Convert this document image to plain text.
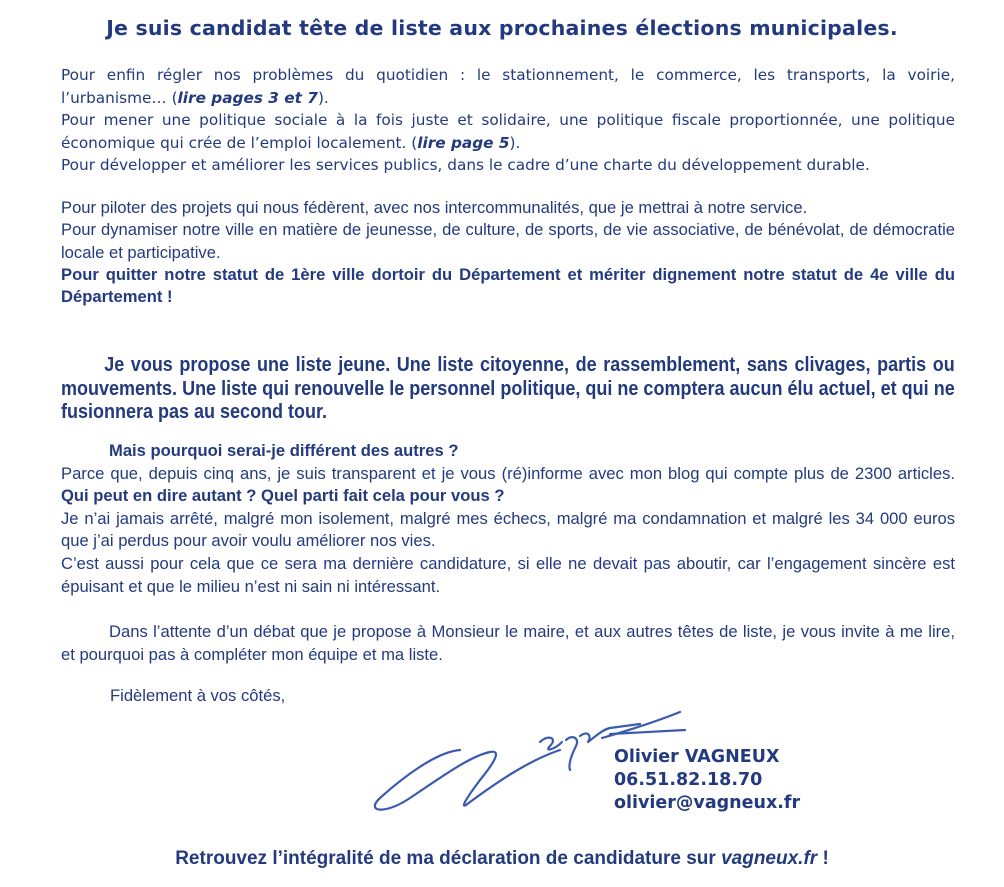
Je suis candidat tête de liste aux prochaines élections municipales.

Pour enfin régler nos problèmes du quotidien : le stationnement, le commerce, les transports, la voirie, l’urbanisme… (lire pages 3 et 7).

Pour mener une politique sociale à la fois juste et solidaire, une politique fiscale proportionnée, une politique économique qui crée de l’emploi localement. (lire page 5).

Pour développer et améliorer les services publics, dans le cadre d’une charte du développement durable.

Pour piloter des projets qui nous fédèrent, avec nos intercommunalités, que je mettrai à notre service.

Pour dynamiser notre ville en matière de jeunesse, de culture, de sports, de vie associative, de bénévolat, de démocratie locale et participative.

Pour quitter notre statut de 1ère ville dortoir du Département et mériter dignement notre statut de 4e ville du Département !

Je vous propose une liste jeune. Une liste citoyenne, de rassemblement, sans clivages, partis ou mouvements. Une liste qui renouvelle le personnel politique, qui ne comptera aucun élu actuel, et qui ne fusionnera pas au second tour.

Mais pourquoi serai-je différent des autres ?

Parce que, depuis cinq ans, je suis transparent et je vous (ré)informe avec mon blog qui compte plus de 2300 articles. Qui peut en dire autant ? Quel parti fait cela pour vous ?

Je n’ai jamais arrêté, malgré mon isolement, malgré mes échecs, malgré ma condamnation et malgré les 34 000 euros que j’ai perdus pour avoir voulu améliorer nos vies.

C’est aussi pour cela que ce sera ma dernière candidature, si elle ne devait pas aboutir, car l’engagement sincère est épuisant et que le milieu n’est ni sain ni intéressant.

Dans l’attente d’un débat que je propose à Monsieur le maire, et aux autres têtes de liste, je vous invite à me lire, et pourquoi pas à compléter mon équipe et ma liste.

Fidèlement à vos côtés,
Olivier VAGNEUX
06.51.82.18.70
olivier@vagneux.fr
Retrouvez l’intégralité de ma déclaration de candidature sur vagneux.fr !
